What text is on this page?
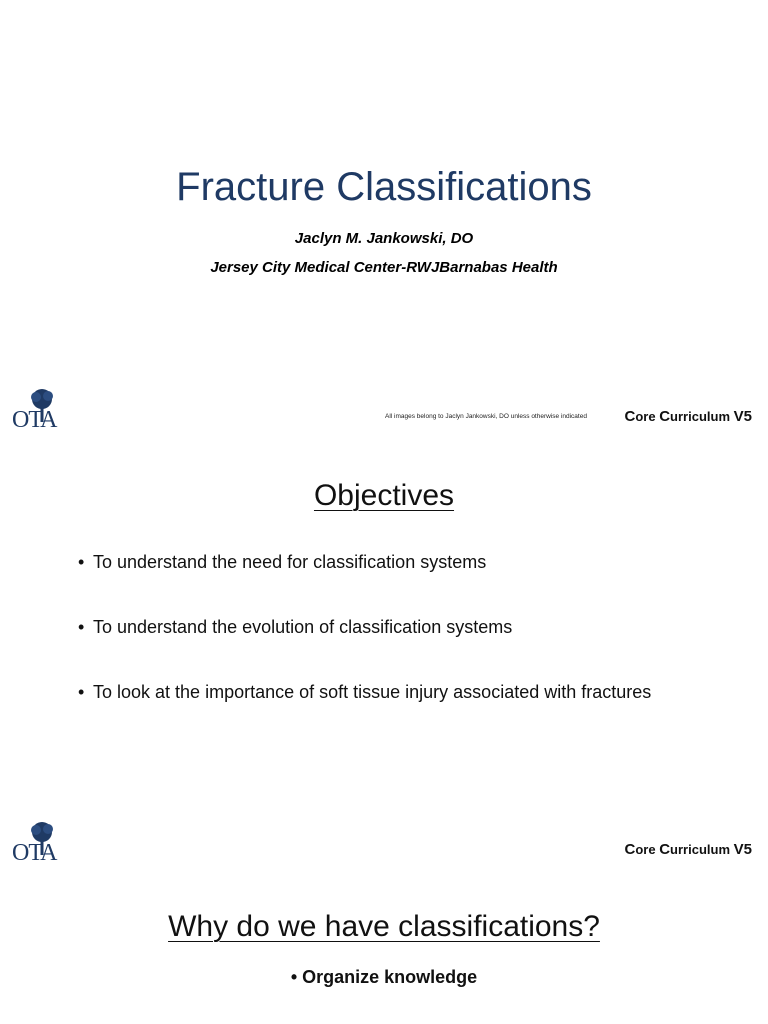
Fracture Classifications
Jaclyn M. Jankowski, DO
Jersey City Medical Center-RWJBarnabas Health
OTA	All images belong to Jaclyn Jankowski, DO unless otherwise indicated	Core Curriculum V5
Objectives
• To understand the need for classification systems
• To understand the evolution of classification systems
• To look at the importance of soft tissue injury associated with fractures
OTA	Core Curriculum V5
Why do we have classifications?
• Organize knowledge
